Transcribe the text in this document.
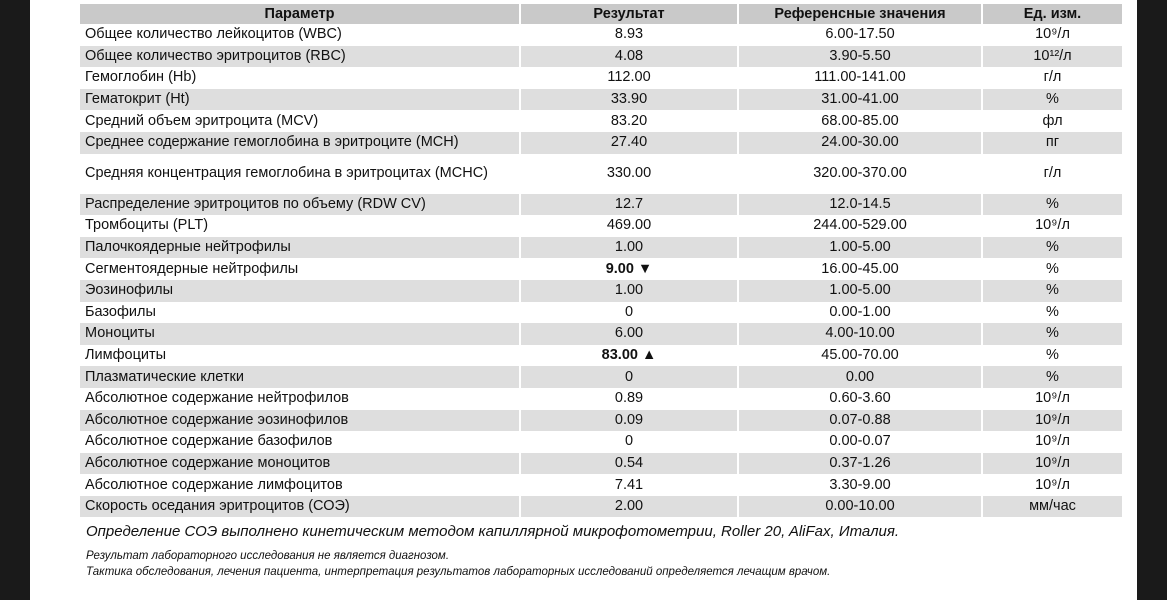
Параметр	Результат	Референсные значения	Ед. изм.
Общее количество лейкоцитов (WBC)	8.93	6.00-17.50	10⁹/л
Общее количество эритроцитов (RBC)	4.08	3.90-5.50	10¹²/л
Гемоглобин (Hb)	112.00	111.00-141.00	г/л
Гематокрит (Ht)	33.90	31.00-41.00	%
Средний объем эритроцита (MCV)	83.20	68.00-85.00	фл
Среднее содержание гемоглобина в эритроците (MCH)	27.40	24.00-30.00	пг
Средняя концентрация гемоглобина в эритроцитах (MCHC)	330.00	320.00-370.00	г/л
Распределение эритроцитов по объему (RDW CV)	12.7	12.0-14.5	%
Тромбоциты (PLT)	469.00	244.00-529.00	10⁹/л
Палочкоядерные нейтрофилы	1.00	1.00-5.00	%
Сегментоядерные нейтрофилы	9.00 ▼	16.00-45.00	%
Эозинофилы	1.00	1.00-5.00	%
Базофилы	0	0.00-1.00	%
Моноциты	6.00	4.00-10.00	%
Лимфоциты	83.00 ▲	45.00-70.00	%
Плазматические клетки	0	0.00	%
Абсолютное содержание нейтрофилов	0.89	0.60-3.60	10⁹/л
Абсолютное содержание эозинофилов	0.09	0.07-0.88	10⁹/л
Абсолютное содержание базофилов	0	0.00-0.07	10⁹/л
Абсолютное содержание моноцитов	0.54	0.37-1.26	10⁹/л
Абсолютное содержание лимфоцитов	7.41	3.30-9.00	10⁹/л
Скорость оседания эритроцитов (СОЭ)	2.00	0.00-10.00	мм/час
Определение СОЭ выполнено кинетическим методом капиллярной микрофотометрии, Roller 20, AliFax, Италия.
Результат лабораторного исследования не является диагнозом.
Тактика обследования, лечения пациента, интерпретация результатов лабораторных исследований определяется лечащим врачом.
